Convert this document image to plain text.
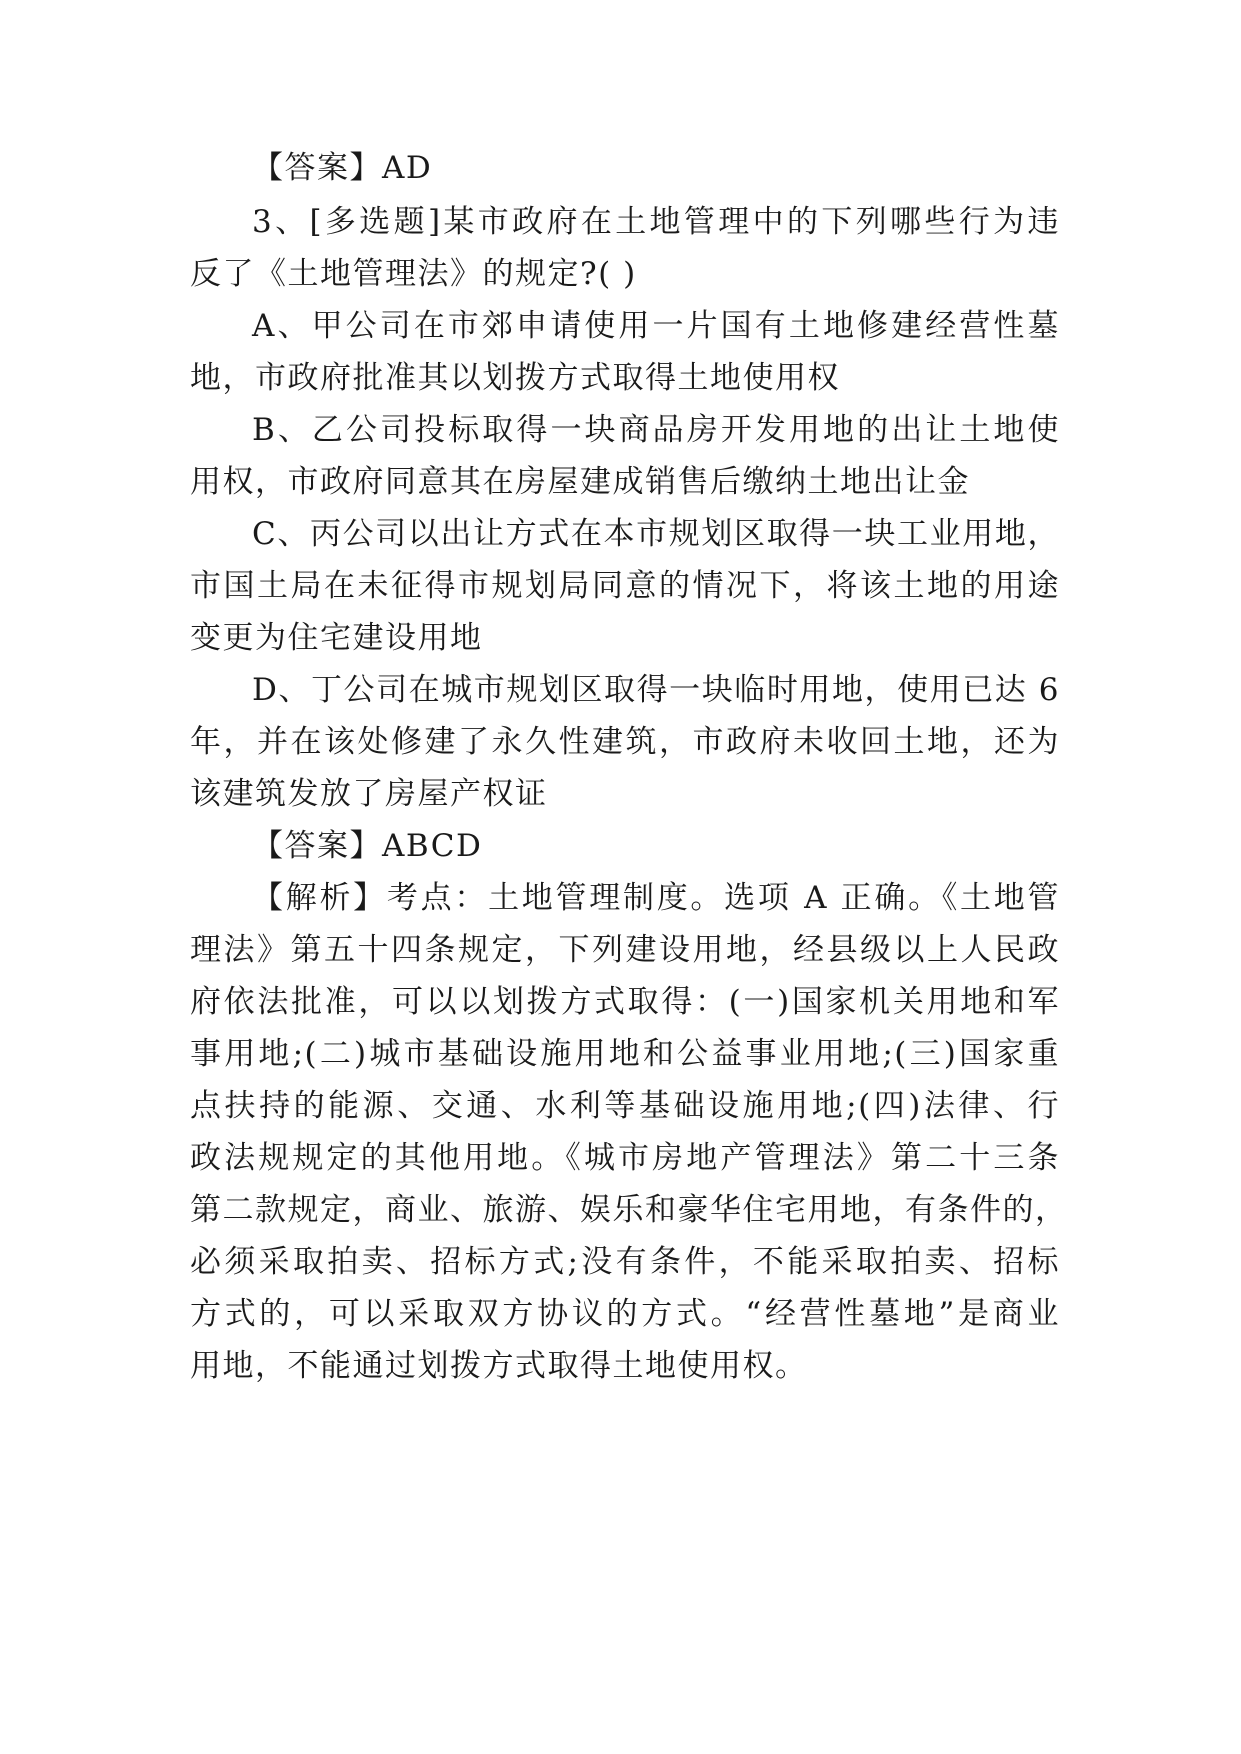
【答案】AD
3、[多选题]某市政府在土地管理中的下列哪些行为违
反了《土地管理法》的规定?( )
A、甲公司在市郊申请使用一片国有土地修建经营性墓
地，市政府批准其以划拨方式取得土地使用权
B、乙公司投标取得一块商品房开发用地的出让土地使
用权，市政府同意其在房屋建成销售后缴纳土地出让金
C、丙公司以出让方式在本市规划区取得一块工业用地，
市国土局在未征得市规划局同意的情况下，将该土地的用途
变更为住宅建设用地
D、丁公司在城市规划区取得一块临时用地，使用已达 6
年，并在该处修建了永久性建筑，市政府未收回土地，还为
该建筑发放了房屋产权证
【答案】ABCD
【解析】考点：土地管理制度。选项 A 正确。《土地管
理法》第五十四条规定，下列建设用地，经县级以上人民政
府依法批准，可以以划拨方式取得：(一)国家机关用地和军
事用地;(二)城市基础设施用地和公益事业用地;(三)国家重
点扶持的能源、交通、水利等基础设施用地;(四)法律、行
政法规规定的其他用地。《城市房地产管理法》第二十三条
第二款规定，商业、旅游、娱乐和豪华住宅用地，有条件的，
必须采取拍卖、招标方式;没有条件，不能采取拍卖、招标
方式的，可以采取双方协议的方式。“经营性墓地”是商业
用地，不能通过划拨方式取得土地使用权。
